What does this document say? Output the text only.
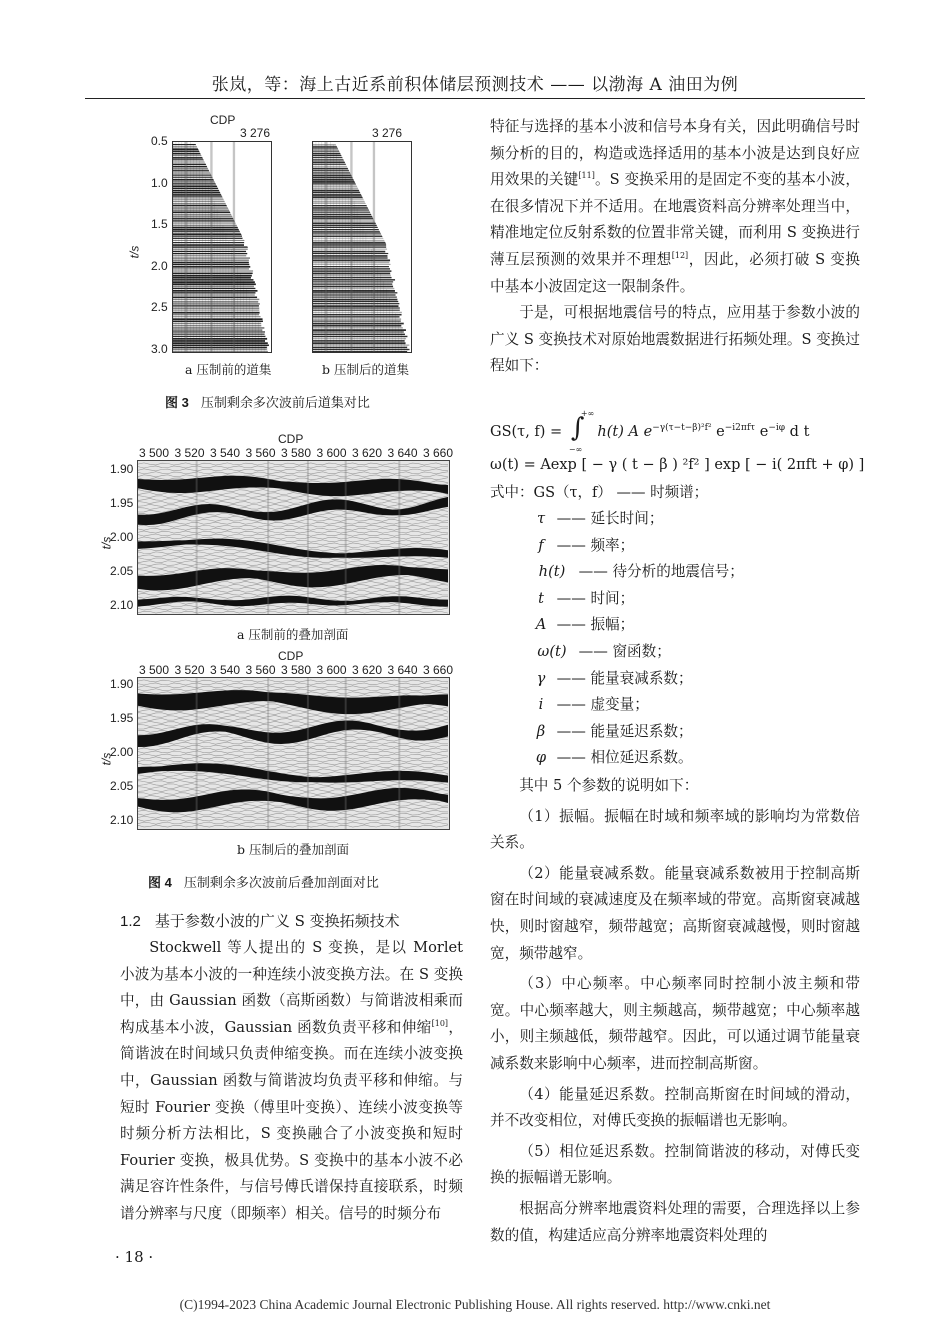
张岚，等：海上古近系前积体储层预测技术 —— 以渤海 A 油田为例
CDP
3 276	3 276
t/s
0.5
1.0
1.5
2.0
2.5
3.0
a 压制前的道集	b 压制后的道集
图 3 压制剩余多次波前后道集对比
CDP
3 500 3 520 3 540 3 560 3 580 3 600 3 620 3 640 3 660
t/s
1.90
1.95
2.00
2.05
2.10
a 压制前的叠加剖面
CDP
3 500 3 520 3 540 3 560 3 580 3 600 3 620 3 640 3 660
t/s
1.90
1.95
2.00
2.05
2.10
b 压制后的叠加剖面
图 4 压制剩余多次波前后叠加剖面对比
1.2 基于参数小波的广义 S 变换拓频技术

Stockwell 等人提出的 S 变换，是以 Morlet 小波为基本小波的一种连续小波变换方法。在 S 变换中，由 Gaussian 函数（高斯函数）与简谐波相乘而构成基本小波，Gaussian 函数负责平移和伸缩[10]，简谐波在时间域只负责伸缩变换。而在连续小波变换中，Gaussian 函数与简谐波均负责平移和伸缩。与短时 Fourier 变换（傅里叶变换）、连续小波变换等时频分析方法相比，S 变换融合了小波变换和短时 Fourier 变换，极具优势。S 变换中的基本小波不必满足容许性条件，与信号傅氏谱保持直接联系，时频谱分辨率与尺度（即频率）相关。信号的时频分布

特征与选择的基本小波和信号本身有关，因此明确信号时频分析的目的，构造或选择适用的基本小波是达到良好应用效果的关键[11]。S 变换采用的是固定不变的基本小波，在很多情况下并不适用。在地震资料高分辨率处理当中，精准地定位反射系数的位置非常关键，而利用 S 变换进行薄互层预测的效果并不理想[12]，因此，必须打破 S 变换中基本小波固定这一限制条件。

于是，可根据地震信号的特点，应用基于参数小波的广义 S 变换技术对原始地震数据进行拓频处理。S 变换过程如下：

GS(τ, f) = ∫
+∞
−∞
h(t) A $e^{-\gamma(\tau-t-\beta)^2f^2}$ $e^{-i2\pi f\tau}$ $e^{-i\varphi}$ d t
ω(t) = Aexp [ − γ ( t − β ) ²f² ] exp [ − i( 2πft + φ) ]
式中：GS（τ，f） —— 时频谱；
τ —— 延长时间；
f —— 频率；
h(t) —— 待分析的地震信号；
t —— 时间；
A —— 振幅；
ω(t) —— 窗函数；
γ —— 能量衰减系数；
i —— 虚变量；
β —— 能量延迟系数；
φ —— 相位延迟系数。

其中 5 个参数的说明如下：

（1）振幅。振幅在时域和频率域的影响均为常数倍关系。

（2）能量衰减系数。能量衰减系数被用于控制高斯窗在时间域的衰减速度及在频率域的带宽。高斯窗衰减越快，则时窗越窄，频带越宽；高斯窗衰减越慢，则时窗越宽，频带越窄。

（3）中心频率。中心频率同时控制小波主频和带宽。中心频率越大，则主频越高，频带越宽；中心频率越小，则主频越低，频带越窄。因此，可以通过调节能量衰减系数来影响中心频率，进而控制高斯窗。

（4）能量延迟系数。控制高斯窗在时间域的滑动，并不改变相位，对傅氏变换的振幅谱也无影响。

（5）相位延迟系数。控制简谐波的移动，对傅氏变换的振幅谱无影响。

根据高分辨率地震资料处理的需要，合理选择以上参数的值，构建适应高分辨率地震资料处理的

· 18 ·
(C)1994-2023 China Academic Journal Electronic Publishing House. All rights reserved. http://www.cnki.net
